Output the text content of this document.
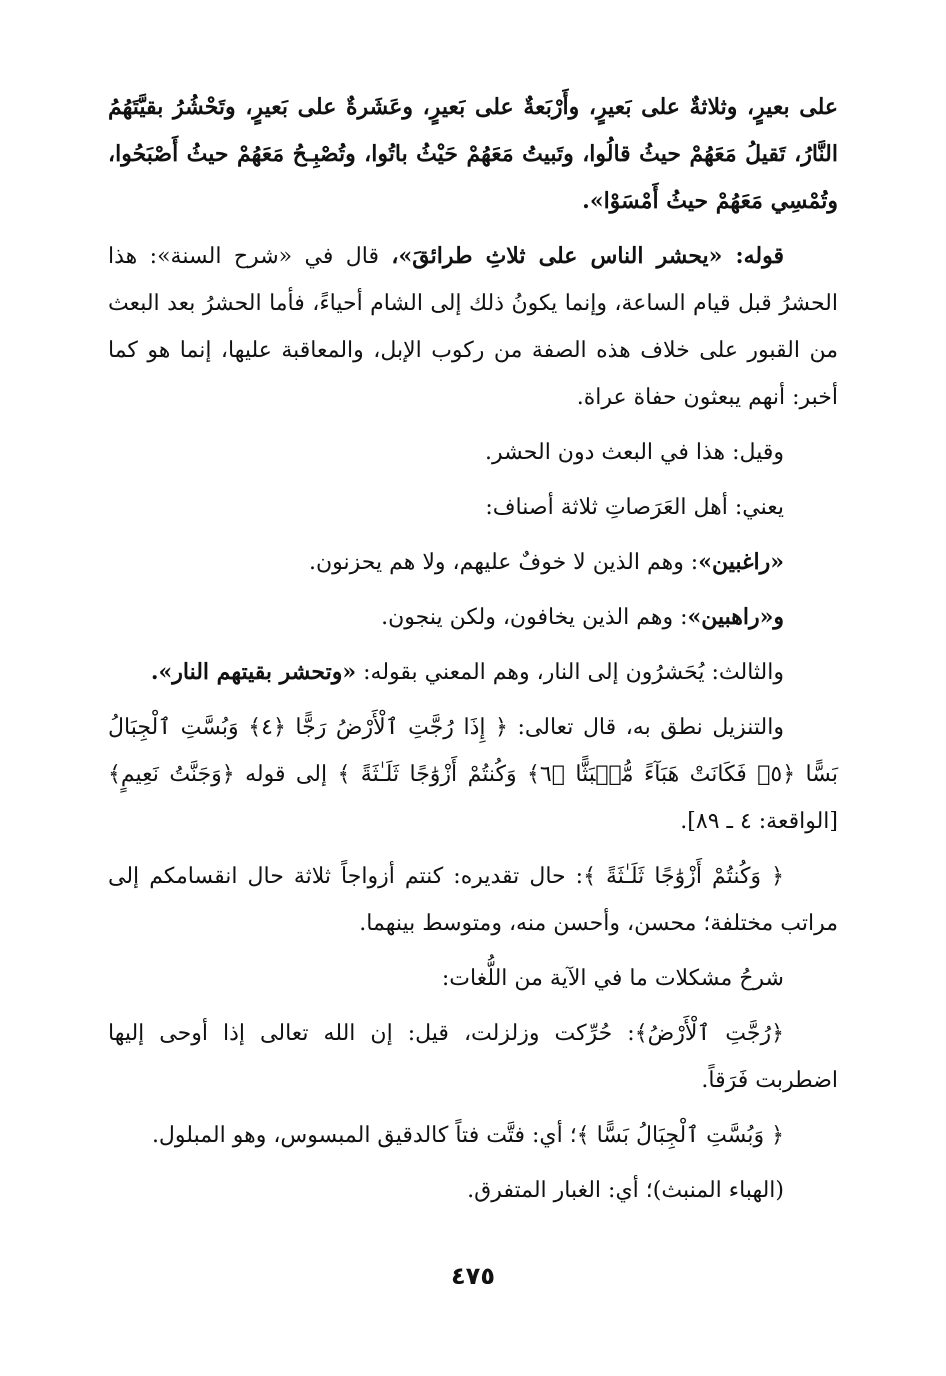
على بعيرٍ، وثلاثةٌ على بَعيرٍ، وأَرْبَعةٌ على بَعيرٍ، وعَشَرةٌ على بَعيرٍ، وتَحْشُرُ بقيَّتَهُمُ النَّارُ، تَقيلُ مَعَهُمْ حيثُ قالُوا، وتَبيتُ مَعَهُمْ حَيْثُ باتُوا، وتُصْبِـحُ مَعَهُمْ حيثُ أَصْبَحُوا، وتُمْسِي مَعَهُمْ حيثُ أَمْسَوْا».

قوله: «يحشر الناس على ثلاثِ طرائقَ»، قال في «شرح السنة»: هذا الحشرُ قبل قيام الساعة، وإنما يكونُ ذلك إلى الشام أحياءً، فأما الحشرُ بعد البعث من القبور على خلاف هذه الصفة من ركوب الإبل، والمعاقبة عليها، إنما هو كما أخبر: أنهم يبعثون حفاة عراة.

وقيل: هذا في البعث دون الحشر.

يعني: أهل العَرَصاتِ ثلاثة أصناف:

«راغبين»: وهم الذين لا خوفٌ عليهم، ولا هم يحزنون.

و«راهبين»: وهم الذين يخافون، ولكن ينجون.

والثالث: يُحَشرُون إلى النار، وهم المعني بقوله: «وتحشر بقيتهم النار».

والتنزيل نطق به، قال تعالى: ﴿ إِذَا رُجَّتِ ٱلْأَرْضُ رَجًّا ﴿٤﴾ وَبُسَّتِ ٱلْجِبَالُ بَسًّا ﴿٥﴾ فَكَانَتْ هَبَآءً مُّنۢبَثًّا ﴿٦﴾ وَكُنتُمْ أَزْوَٰجًا ثَلَـٰثَةً ﴾ إلى قوله ﴿وَجَنَّتُ نَعِيمٍ﴾[الواقعة: ٤ ـ ٨٩].

﴿ وَكُنتُمْ أَزْوَٰجًا ثَلَـٰثَةً ﴾: حال تقديره: كنتم أزواجاً ثلاثة حال انقسامكم إلى مراتب مختلفة؛ محسن، وأحسن منه، ومتوسط بينهما.

شرحُ مشكلات ما في الآية من اللُّغات:

﴿رُجَّتِ ٱلْأَرْضُ﴾: حُرِّكت وزلزلت، قيل: إن الله تعالى إذا أوحى إليها اضطربت فَرَقاً.

﴿ وَبُسَّتِ ٱلْجِبَالُ بَسًّا ﴾؛ أي: فتَّت فتاً كالدقيق المبسوس، وهو المبلول.

(الهباء المنبث)؛ أي: الغبار المتفرق.

٤٧٥
